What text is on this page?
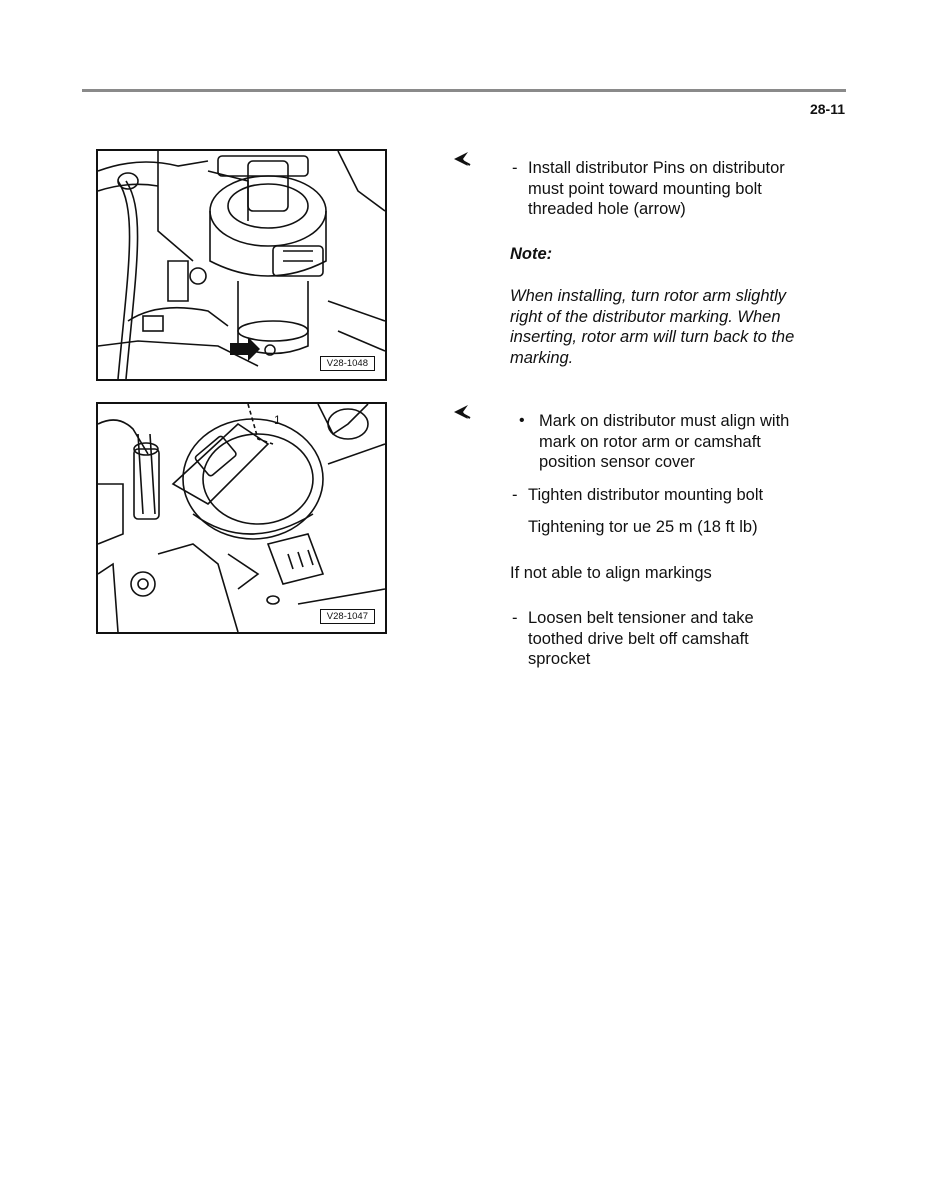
28-11
V28-1048
1
V28-1047
- Install distributor Pins on distributor
must point toward mounting bolt
threaded hole (arrow)
Note:
When installing, turn rotor arm slightly
right of the distributor marking. When
inserting, rotor arm will turn back to the
marking.
• Mark on distributor must align with
mark on rotor arm or camshaft
position sensor cover
- Tighten distributor mounting bolt
Tightening tor ue 25 m (18 ft lb)
If not able to align markings
- Loosen belt tensioner and take
toothed drive belt off camshaft
sprocket
